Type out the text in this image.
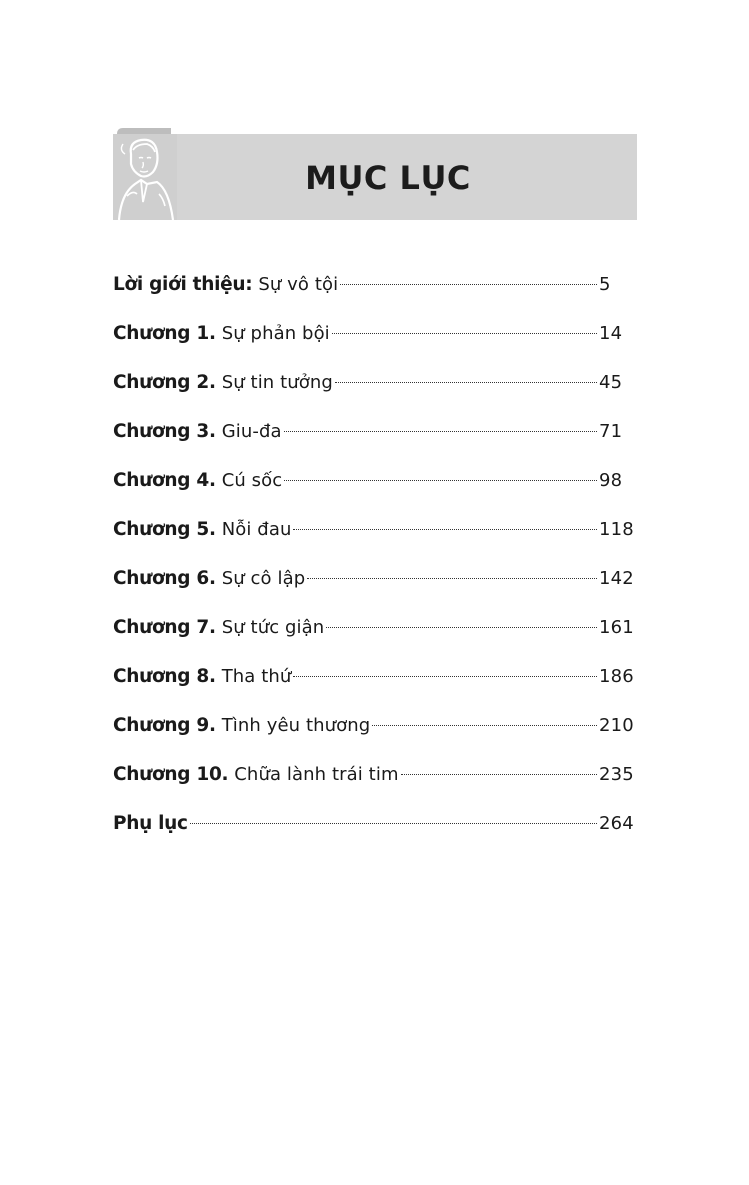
MỤC LỤC
Lời giới thiệu: Sự vô tội	5
Chương 1. Sự phản bội	14
Chương 2. Sự tin tưởng	45
Chương 3. Giu-đa	71
Chương 4. Cú sốc	98
Chương 5. Nỗi đau	118
Chương 6. Sự cô lập	142
Chương 7. Sự tức giận	161
Chương 8. Tha thứ	186
Chương 9. Tình yêu thương	210
Chương 10. Chữa lành trái tim	235
Phụ lục	264
